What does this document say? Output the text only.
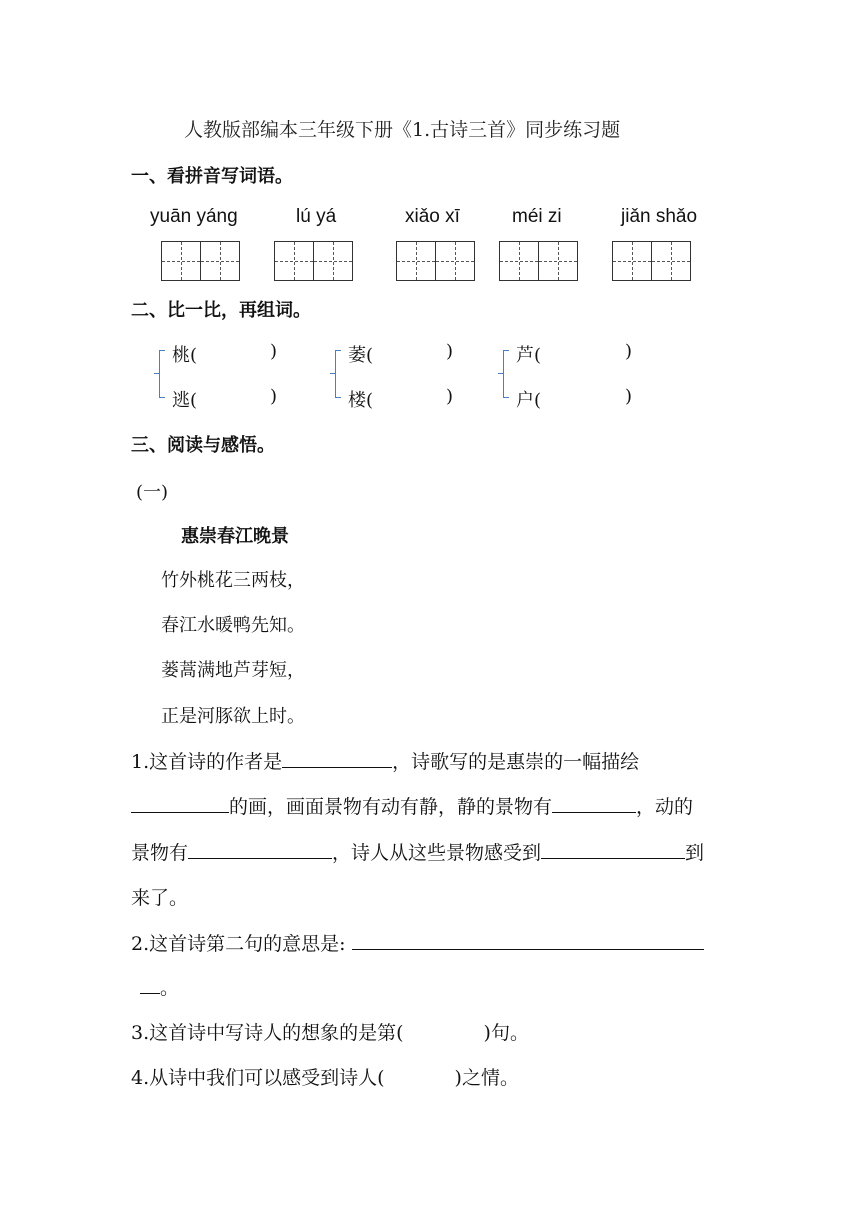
人教版部编本三年级下册《1.古诗三首》同步练习题
一、看拼音写词语。
yuān yánɡ	lú yá	xiǎo xī	méi zi	jiǎn shǎo
二、比一比，再组词。
桃(	)
逃(	)
萎(	)
楼(	)
芦(	)
户(	)
三、阅读与感悟。
(一)
惠崇春江晚景
竹外桃花三两枝，
春江水暖鸭先知。
蒌蒿满地芦芽短，
正是河豚欲上时。
1.这首诗的作者是	，诗歌写的是惠崇的一幅描绘
的画，画面景物有动有静，静的景物有	，动的
景物有	，诗人从这些景物感受到	到
来了。
2.这首诗第二句的意思是:
。
3.这首诗中写诗人的想象的是第(	)句。
4.从诗中我们可以感受到诗人(	)之情。
